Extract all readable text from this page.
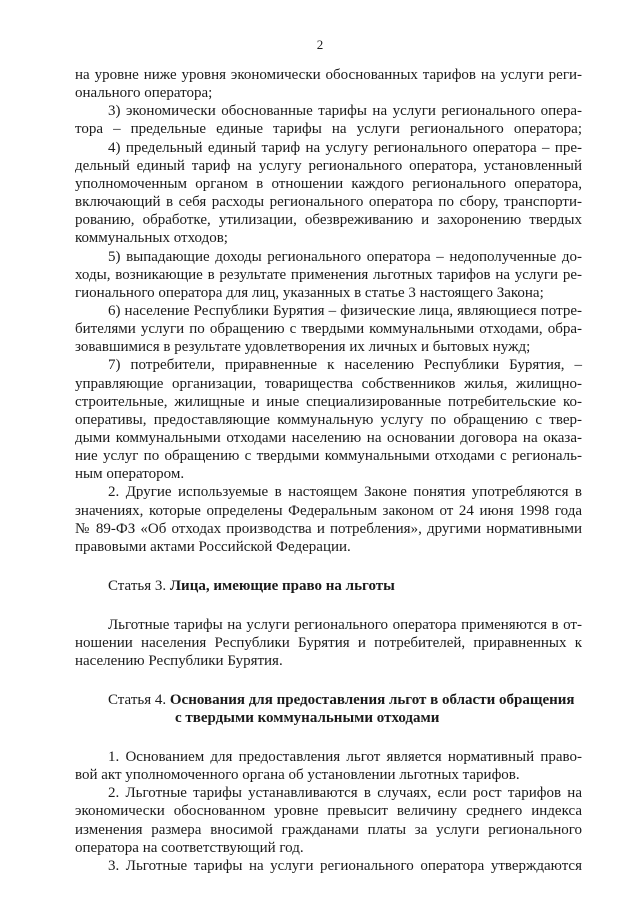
2
на уровне ниже уровня экономически обоснованных тарифов на услуги реги-
онального оператора;
3) экономически обоснованные тарифы на услуги регионального опера-
тора – предельные единые тарифы на услуги регионального оператора;
4) предельный единый тариф на услугу регионального оператора – пре-
дельный единый тариф на услугу регионального оператора, установленный
уполномоченным органом в отношении каждого регионального оператора,
включающий в себя расходы регионального оператора по сбору, транспорти-
рованию, обработке, утилизации, обезвреживанию и захоронению твердых
коммунальных отходов;
5) выпадающие доходы регионального оператора – недополученные до-
ходы, возникающие в результате применения льготных тарифов на услуги ре-
гионального оператора для лиц, указанных в статье 3 настоящего Закона;
6) население Республики Бурятия – физические лица, являющиеся потре-
бителями услуги по обращению с твердыми коммунальными отходами, обра-
зовавшимися в результате удовлетворения их личных и бытовых нужд;
7) потребители, приравненные к населению Республики Бурятия, –
управляющие организации, товарищества собственников жилья, жилищно-
строительные, жилищные и иные специализированные потребительские ко-
оперативы, предоставляющие коммунальную услугу по обращению с твер-
дыми коммунальными отходами населению на основании договора на оказа-
ние услуг по обращению с твердыми коммунальными отходами с региональ-
ным оператором.
2. Другие используемые в настоящем Законе понятия употребляются в
значениях, которые определены Федеральным законом от 24 июня 1998 года
№ 89-ФЗ «Об отходах производства и потребления», другими нормативными
правовыми актами Российской Федерации.
Статья 3. Лица, имеющие право на льготы
Льготные тарифы на услуги регионального оператора применяются в от-
ношении населения Республики Бурятия и потребителей, приравненных к
населению Республики Бурятия.
Статья 4. Основания для предоставления льгот в области обращения
с твердыми коммунальными отходами
1. Основанием для предоставления льгот является нормативный право-
вой акт уполномоченного органа об установлении льготных тарифов.
2. Льготные тарифы устанавливаются в случаях, если рост тарифов на
экономически обоснованном уровне превысит величину среднего индекса
изменения размера вносимой гражданами платы за услуги регионального
оператора на соответствующий год.
3. Льготные тарифы на услуги регионального оператора утверждаются
